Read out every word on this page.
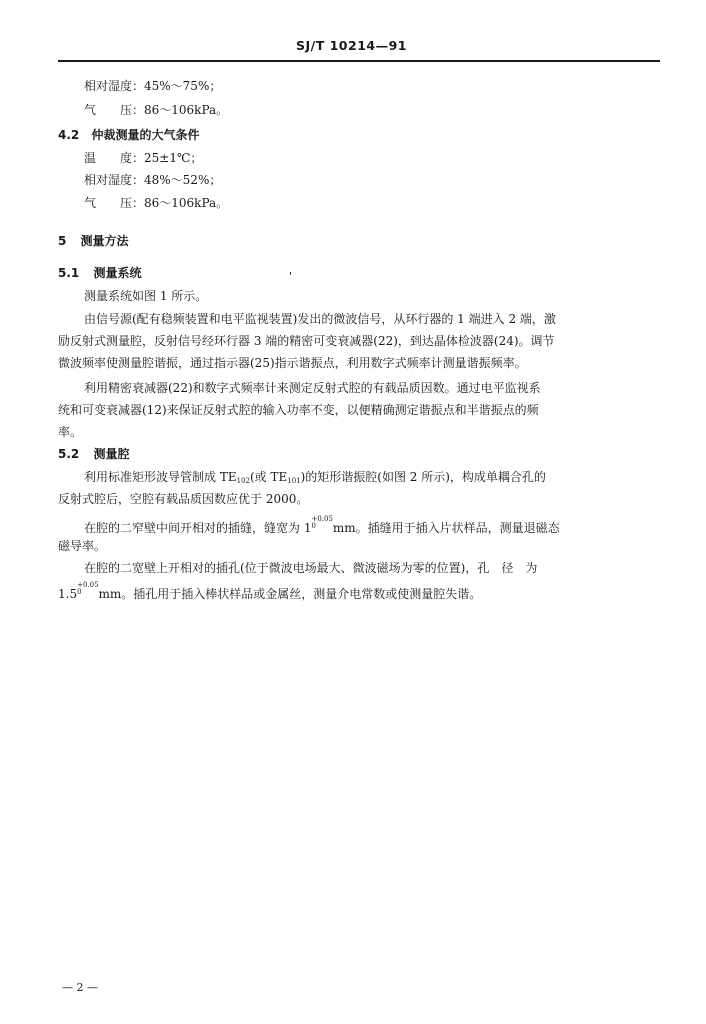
SJ/T 10214—91
相对湿度：45%～75%；
气　　压：86～106kPa。
4.2 仲裁测量的大气条件
温　　度：25±1℃；
相对湿度：48%～52%；
气　　压：86～106kPa。
5 测量方法
5.1 测量系统
测量系统如图 1 所示。
由信号源(配有稳频装置和电平监视装置)发出的微波信号，从环行器的 1 端进入 2 端，激
励反射式测量腔，反射信号经环行器 3 端的精密可变衰减器(22)，到达晶体检波器(24)。调节
微波频率使测量腔谐振，通过指示器(25)指示谐振点，利用数字式频率计测量谐振频率。
利用精密衰减器(22)和数字式频率计来测定反射式腔的有载品质因数。通过电平监视系
统和可变衰减器(12)来保证反射式腔的输入功率不变，以便精确测定谐振点和半谐振点的频
率。
5.2 测量腔
利用标准矩形波导管制成 $TE_{102}$(或 $TE_{101}$)的矩形谐振腔(如图 2 所示)，构成单耦合孔的
反射式腔后，空腔有载品质因数应优于 2000。
在腔的二窄壁中间开相对的插缝，缝宽为 1
+0.05
0	mm。插缝用于插入片状样品，测量退磁态
磁导率。
在腔的二宽壁上开相对的插孔(位于微波电场最大、微波磁场为零的位置)，孔　径　为
1.5
+0.05
0	mm。插孔用于插入棒状样品或金属丝，测量介电常数或使测量腔失谐。
— 2 —
